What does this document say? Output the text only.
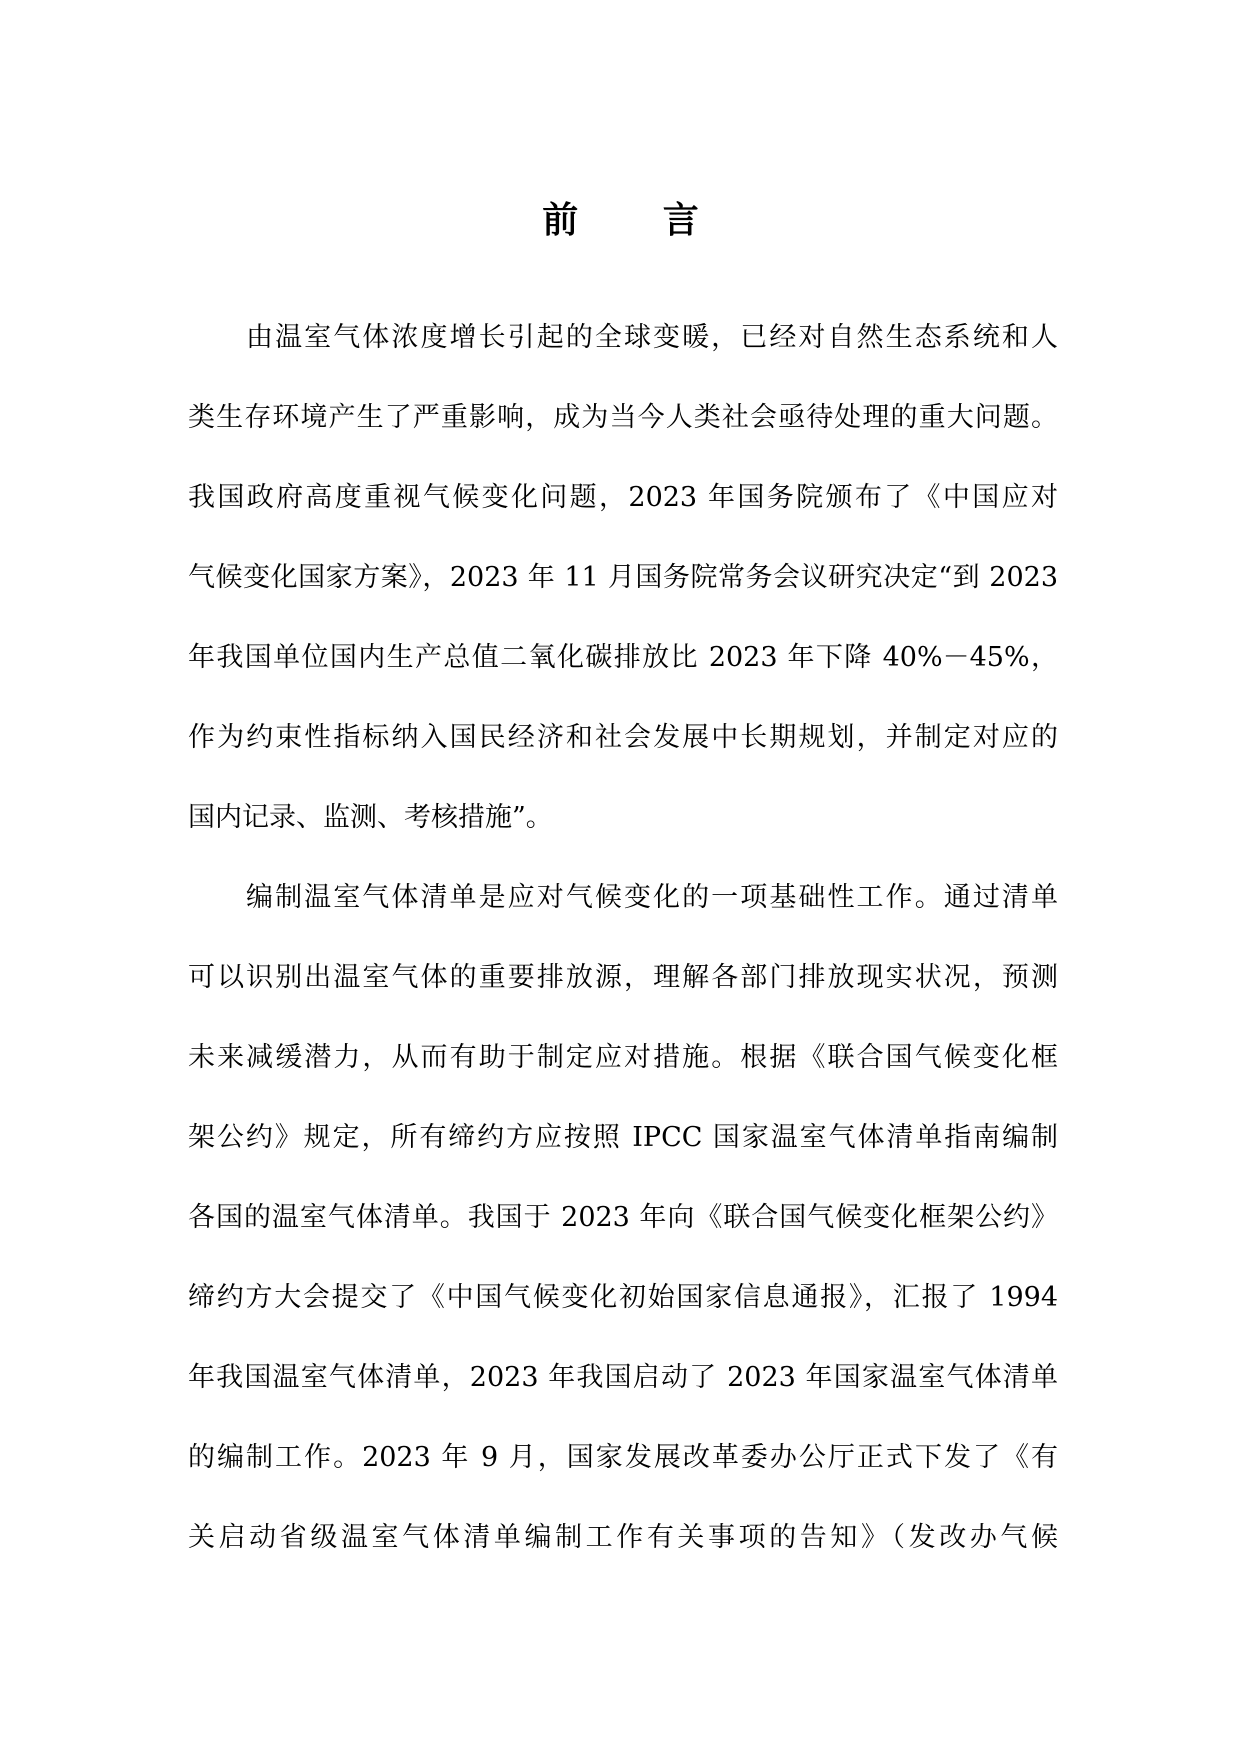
前 言
由温室气体浓度增长引起的全球变暖，已经对自然生态系统和人
类生存环境产生了严重影响，成为当今人类社会亟待处理的重大问题。
我国政府高度重视气候变化问题，2023 年国务院颁布了《中国应对
气候变化国家方案》，2023 年 11 月国务院常务会议研究决定“到 2023
年我国单位国内生产总值二氧化碳排放比 2023 年下降 40%－45%，
作为约束性指标纳入国民经济和社会发展中长期规划，并制定对应的
国内记录、监测、考核措施”。
编制温室气体清单是应对气候变化的一项基础性工作。通过清单
可以识别出温室气体的重要排放源，理解各部门排放现实状况，预测
未来减缓潜力，从而有助于制定应对措施。根据《联合国气候变化框
架公约》规定，所有缔约方应按照 IPCC 国家温室气体清单指南编制
各国的温室气体清单。我国于 2023 年向《联合国气候变化框架公约》
缔约方大会提交了《中国气候变化初始国家信息通报》，汇报了 1994
年我国温室气体清单，2023 年我国启动了 2023 年国家温室气体清单
的编制工作。2023 年 9 月，国家发展改革委办公厅正式下发了《有
关启动省级温室气体清单编制工作有关事项的告知》（发改办气候
